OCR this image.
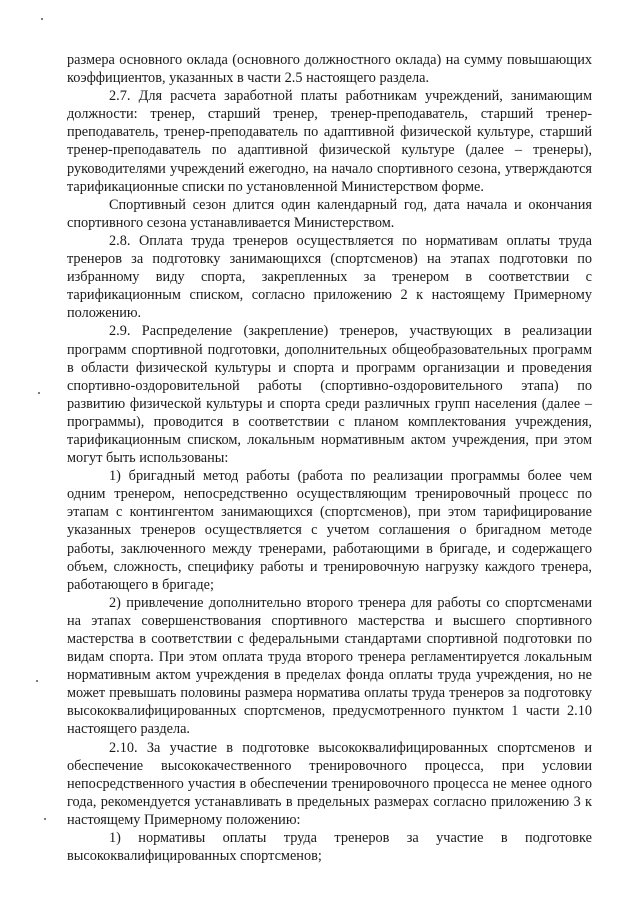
размера основного оклада (основного должностного оклада) на сумму повышающих коэффициентов, указанных в части 2.5 настоящего раздела.

2.7. Для расчета заработной платы работникам учреждений, занимающим должности: тренер, старший тренер, тренер-преподаватель, старший тренер-преподаватель, тренер-преподаватель по адаптивной физической культуре, старший тренер-преподаватель по адаптивной физической культуре (далее – тренеры), руководителями учреждений ежегодно, на начало спортивного сезона, утверждаются тарификационные списки по установленной Министерством форме.

Спортивный сезон длится один календарный год, дата начала и окончания спортивного сезона устанавливается Министерством.

2.8. Оплата труда тренеров осуществляется по нормативам оплаты труда тренеров за подготовку занимающихся (спортсменов) на этапах подготовки по избранному виду спорта, закрепленных за тренером в соответствии с тарификационным списком, согласно приложению 2 к настоящему Примерному положению.

2.9. Распределение (закрепление) тренеров, участвующих в реализации программ спортивной подготовки, дополнительных общеобразовательных программ в области физической культуры и спорта и программ организации и проведения спортивно-оздоровительной работы (спортивно-оздоровительного этапа) по развитию физической культуры и спорта среди различных групп населения (далее – программы), проводится в соответствии с планом комплектования учреждения, тарификационным списком, локальным нормативным актом учреждения, при этом могут быть использованы:

1) бригадный метод работы (работа по реализации программы более чем одним тренером, непосредственно осуществляющим тренировочный процесс по этапам с контингентом занимающихся (спортсменов), при этом тарифицирование указанных тренеров осуществляется с учетом соглашения о бригадном методе работы, заключенного между тренерами, работающими в бригаде, и содержащего объем, сложность, специфику работы и тренировочную нагрузку каждого тренера, работающего в бригаде;

2) привлечение дополнительно второго тренера для работы со спортсменами на этапах совершенствования спортивного мастерства и высшего спортивного мастерства в соответствии с федеральными стандартами спортивной подготовки по видам спорта. При этом оплата труда второго тренера регламентируется локальным нормативным актом учреждения в пределах фонда оплаты труда учреждения, но не может превышать половины размера норматива оплаты труда тренеров за подготовку высококвалифицированных спортсменов, предусмотренного пунктом 1 части 2.10 настоящего раздела.

2.10. За участие в подготовке высококвалифицированных спортсменов и обеспечение высококачественного тренировочного процесса, при условии непосредственного участия в обеспечении тренировочного процесса не менее одного года, рекомендуется устанавливать в предельных размерах согласно приложению 3 к настоящему Примерному положению:

1) нормативы оплаты труда тренеров за участие в подготовке высококвалифицированных спортсменов;
